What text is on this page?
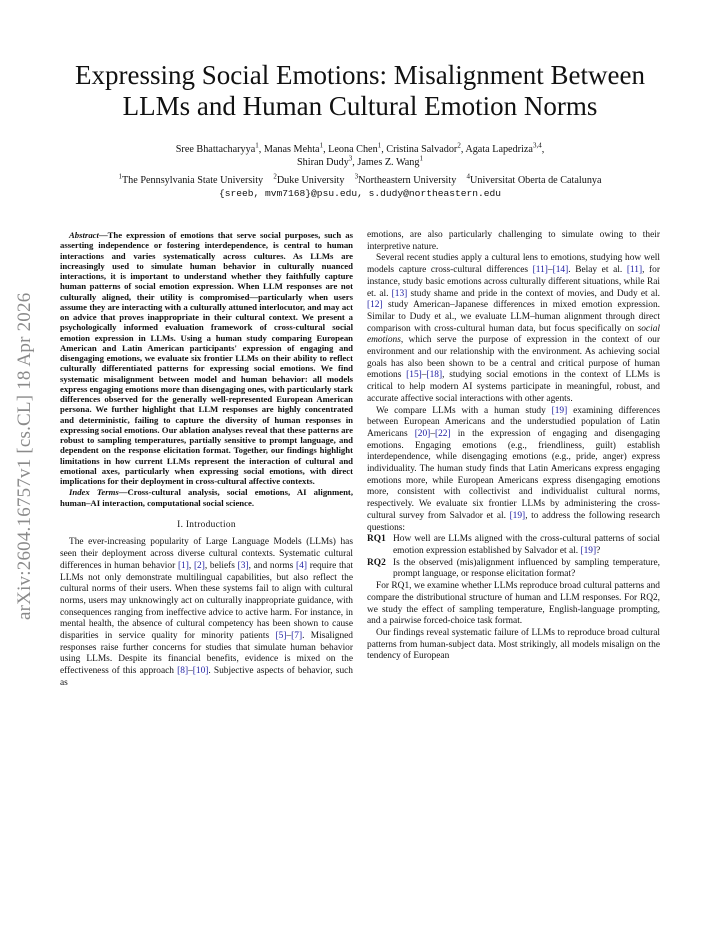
arXiv:2604.16757v1 [cs.CL] 18 Apr 2026
Expressing Social Emotions: Misalignment Between
LLMs and Human Cultural Emotion Norms
Sree Bhattacharyya$^1$, Manas Mehta$^1$, Leona Chen$^1$, Cristina Salvador$^2$, Agata Lapedriza$^{3,4}$,
Shiran Dudy$^3$, James Z. Wang$^1$
$^1$The Pennsylvania State University $^2$Duke University $^3$Northeastern University $^4$Universitat Oberta de Catalunya
{sreeb, mvm7168}@psu.edu, s.dudy@northeastern.edu

Abstract—The expression of emotions that serve social purposes, such as asserting independence or fostering interdependence, is central to human interactions and varies systematically across cultures. As LLMs are increasingly used to simulate human behavior in culturally nuanced interactions, it is important to understand whether they faithfully capture human patterns of social emotion expression. When LLM responses are not culturally aligned, their utility is compromised—particularly when users assume they are interacting with a culturally attuned interlocutor, and may act on advice that proves inappropriate in their cultural context. We present a psychologically informed evaluation framework of cross-cultural social emotion expression in LLMs. Using a human study comparing European American and Latin American participants' expression of engaging and disengaging emotions, we evaluate six frontier LLMs on their ability to reflect culturally differentiated patterns for expressing social emotions. We find systematic misalignment between model and human behavior: all models express engaging emotions more than disengaging ones, with particularly stark differences observed for the generally well-represented European American persona. We further highlight that LLM responses are highly concentrated and deterministic, failing to capture the diversity of human responses in expressing social emotions. Our ablation analyses reveal that these patterns are robust to sampling temperatures, partially sensitive to prompt language, and dependent on the response elicitation format. Together, our findings highlight limitations in how current LLMs represent the interaction of cultural and emotional axes, particularly when expressing social emotions, with direct implications for their deployment in cross-cultural affective contexts.

Index Terms—Cross-cultural analysis, social emotions, AI alignment, human–AI interaction, computational social science.

I. Introduction

The ever-increasing popularity of Large Language Models (LLMs) has seen their deployment across diverse cultural contexts. Systematic cultural differences in human behavior [1], [2], beliefs [3], and norms [4] require that LLMs not only demonstrate multilingual capabilities, but also reflect the cultural norms of their users. When these systems fail to align with cultural norms, users may unknowingly act on culturally inappropriate guidance, with consequences ranging from ineffective advice to active harm. For instance, in mental health, the absence of cultural competency has been shown to cause disparities in service quality for minority patients [5]–[7]. Misaligned responses raise further concerns for studies that simulate human behavior using LLMs. Despite its financial benefits, evidence is mixed on the effectiveness of this approach [8]–[10]. Subjective aspects of behavior, such as

emotions, are also particularly challenging to simulate owing to their interpretive nature.

Several recent studies apply a cultural lens to emotions, studying how well models capture cross-cultural differences [11]–[14]. Belay et al. [11], for instance, study basic emotions across culturally different situations, while Rai et. al. [13] study shame and pride in the context of movies, and Dudy et al. [12] study American–Japanese differences in mixed emotion expression. Similar to Dudy et al., we evaluate LLM–human alignment through direct comparison with cross-cultural human data, but focus specifically on social emotions, which serve the purpose of expression in the context of our environment and our relationship with the environment. As achieving social goals has also been shown to be a central and critical purpose of human emotions [15]–[18], studying social emotions in the context of LLMs is critical to help modern AI systems participate in meaningful, robust, and accurate affective social interactions with other agents.

We compare LLMs with a human study [19] examining differences between European Americans and the understudied population of Latin Americans [20]–[22] in the expression of engaging and disengaging emotions. Engaging emotions (e.g., friendliness, guilt) establish interdependence, while disengaging emotions (e.g., pride, anger) express individuality. The human study finds that Latin Americans express engaging emotions more, while European Americans express disengaging emotions more, consistent with collectivist and individualist cultural norms, respectively. We evaluate six frontier LLMs by administering the cross-cultural survey from Salvador et al. [19], to address the following research questions:

RQ1 How well are LLMs aligned with the cross-cultural patterns of social emotion expression established by Salvador et al. [19]?
RQ2 Is the observed (mis)alignment influenced by sampling temperature, prompt language, or response elicitation format?

For RQ1, we examine whether LLMs reproduce broad cultural patterns and compare the distributional structure of human and LLM responses. For RQ2, we study the effect of sampling temperature, English-language prompting, and a pairwise forced-choice task format.

Our findings reveal systematic failure of LLMs to reproduce broad cultural patterns from human-subject data. Most strikingly, all models misalign on the tendency of European
